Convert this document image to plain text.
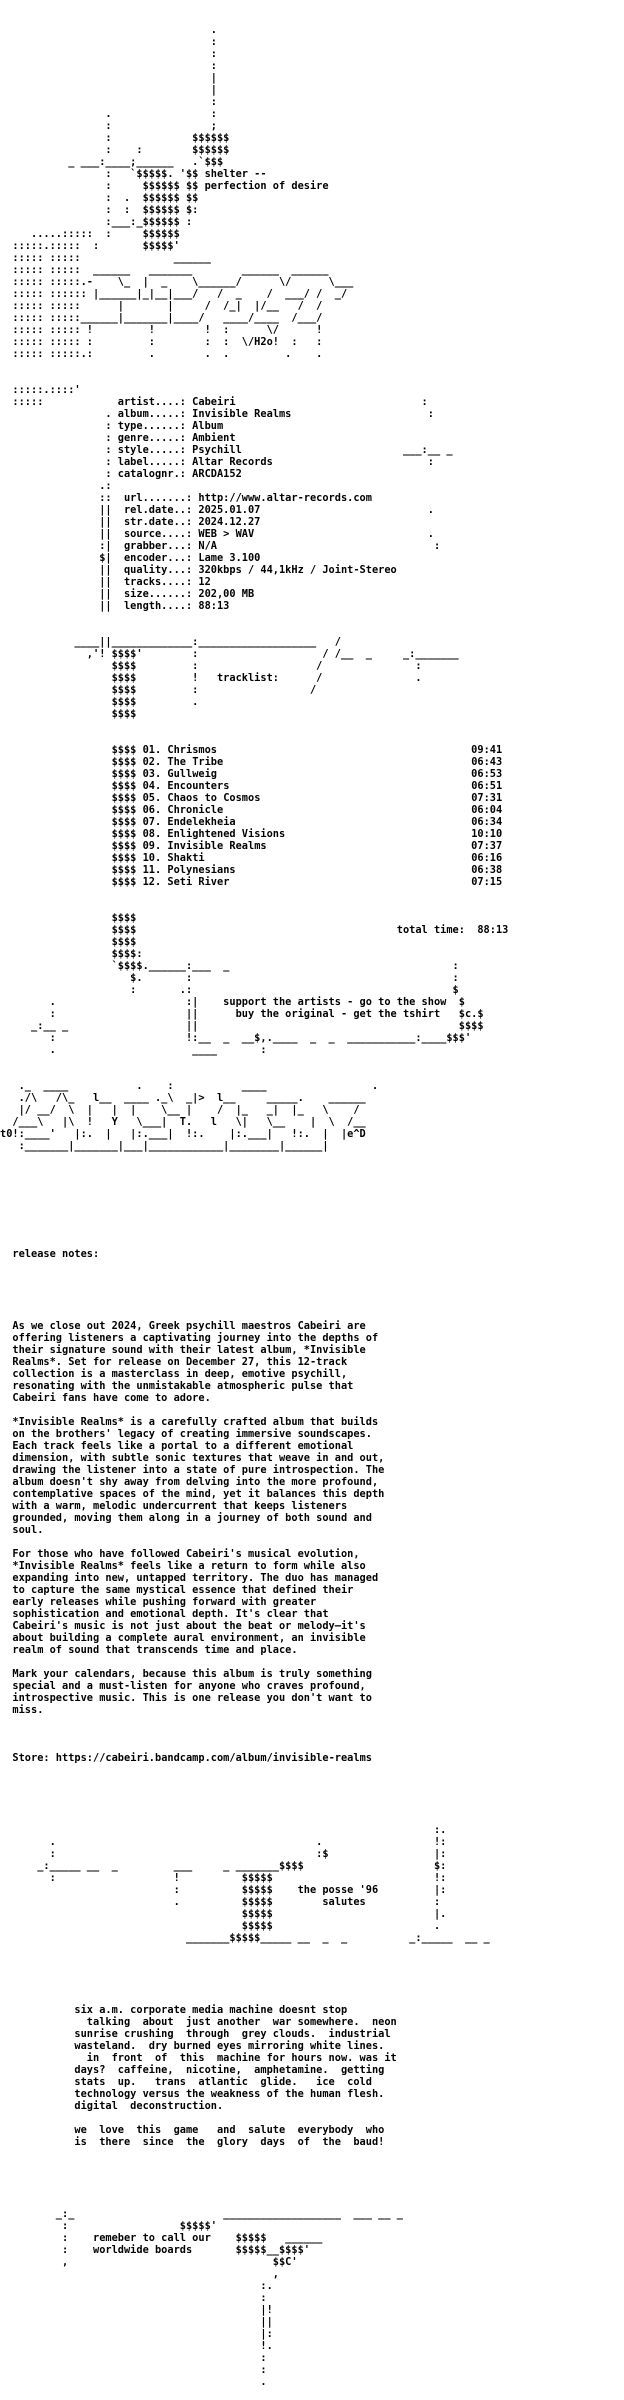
.
:
:
:
|
|
:
.                :
:                ;
:             $$$$$$
:    :        $$$$$$
_ ___:____;______   .`$$$
:   `$$$$$. '$$ shelter --
:     $$$$$$ $$ perfection of desire
:  .  $$$$$$ $$
:  :  $$$$$$ $:
:___:_$$$$$$ :
.....:::::  :     $$$$$$
:::::.:::::  :       $$$$$'
::::: :::::               ______
::::: :::::  ______   _______        ______  ______
::::: :::::.-    \_  |  _    \______/      \/      \___
::::: :::::: |______|_|__|___/   /  _    /  ___/ /  _/
::::: :::::      |       |     /  /_|  |/__   /  /
::::: :::::______|_______|____/   ____/____  /___/
::::: ::::: !         !        !  :      \/      !
::::: ::::: :         :        :  :  \/H2o!  :   :
::::: :::::.:         .        .  .         .    .

:::::.::::'
:::::            artist....: Cabeiri                              :
. album.....: Invisible Realms                      :
: type......: Album
: genre.....: Ambient
: style.....: Psychill                          ___:__ _
: label.....: Altar Records                         :
: catalognr.: ARCDA152
.:
::  url.......: http://www.altar-records.com
||  rel.date..: 2025.01.07                           .
||  str.date..: 2024.12.27
||  source....: WEB > WAV                            .
:|  grabber...: N/A                                   :
$|  encoder...: Lame 3.100
||  quality...: 320kbps / 44,1kHz / Joint-Stereo
||  tracks....: 12
||  size......: 202,00 MB
||  length....: 88:13

____||_____________:___________________   /
,'! $$$$'        :                    / /__  _     _:_______
$$$$         :                   /               :
$$$$         !   tracklist:      /               .
$$$$         :                  /
$$$$         .
$$$$

$$$$ 01. Chrismos	09:41
$$$$ 02. The Tribe	06:43
$$$$ 03. Gullweig	06:53
$$$$ 04. Encounters	06:51
$$$$ 05. Chaos to Cosmos	07:31
$$$$ 06. Chronicle	06:04
$$$$ 07. Endelekheia	06:34
$$$$ 08. Enlightened Visions	10:10
$$$$ 09. Invisible Realms	07:37
$$$$ 10. Shakti	06:16
$$$$ 11. Polynesians	06:38
$$$$ 12. Seti River	07:15

$$$$
$$$$                                          total time:  88:13
$$$$
$$$$:
`$$$$.______:___  _                                    :
$.       :                                          :
:       .:                                          $
.                     :|    support the artists - go to the show  $
:                     ||      buy the original - get the tshirt   $c.$
_:__ _                   ||                                          $$$$
:                     !:__  _  __$,.____  _  _  ___________:____$$$'
.                      ____       :

._  ____           .    :           ____                 .
./\   /\_   l__  ____ ._\  _|>  l__     _____.    ______
|/ __/  \  |   |  |    \__ |    /  |_   _|  |_   \    /
/___\   |\  !   Y   \___|  T.   l   \|   \__    |  \  /__
t0!:____'   |:.  |   |:.___|  !:.    |:.___|   !:.  |  |e^D
:_______|_______|___|____________|________|______|

release notes:

As we close out 2024, Greek psychill maestros Cabeiri are
offering listeners a captivating journey into the depths of
their signature sound with their latest album, *Invisible
Realms*. Set for release on December 27, this 12-track
collection is a masterclass in deep, emotive psychill,
resonating with the unmistakable atmospheric pulse that
Cabeiri fans have come to adore.
*Invisible Realms* is a carefully crafted album that builds
on the brothers' legacy of creating immersive soundscapes.
Each track feels like a portal to a different emotional
dimension, with subtle sonic textures that weave in and out,
drawing the listener into a state of pure introspection. The
album doesn't shy away from delving into the more profound,
contemplative spaces of the mind, yet it balances this depth
with a warm, melodic undercurrent that keeps listeners
grounded, moving them along in a journey of both sound and
soul.
For those who have followed Cabeiri's musical evolution,
*Invisible Realms* feels like a return to form while also
expanding into new, untapped territory. The duo has managed
to capture the same mystical essence that defined their
early releases while pushing forward with greater
sophistication and emotional depth. It's clear that
Cabeiri's music is not just about the beat or melody—it's
about building a complete aural environment, an invisible
realm of sound that transcends time and place.
Mark your calendars, because this album is truly something
special and a must-listen for anyone who craves profound,
introspective music. This is one release you don't want to
miss.

Store: https://cabeiri.bandcamp.com/album/invisible-realms

:.
.                                          .                  !:
:                                          :$                 |:
_:_____ __  _         ___     _ _______$$$$                     $:
:                   !          $$$$$                          !:
:          $$$$$    the posse '96         |:
.          $$$$$        salutes           :
$$$$$                          |.
$$$$$                          .
_______$$$$$_____ __  _  _          _:_____  __ _

six a.m. corporate media machine doesnt stop
talking  about  just another  war somewhere.  neon
sunrise crushing  through  grey clouds.  industrial
wasteland.  dry burned eyes mirroring white lines.
in  front  of  this  machine for hours now. was it
days?  caffeine,  nicotine,  amphetamine.  getting
stats  up.   trans  atlantic  glide.   ice  cold
technology versus the weakness of the human flesh.
digital  deconstruction.
we  love  this  game   and  salute  everybody  who
is  there  since  the  glory  days  of  the  baud!

_:_                        ___________________  ___ __ _
:                  $$$$$'
:    remeber to call our    $$$$$   ______
:    worldwide boards       $$$$$__$$$$'
,                                 $$C'
,
:.
:
|!
||
|:
!.
:
:
.
